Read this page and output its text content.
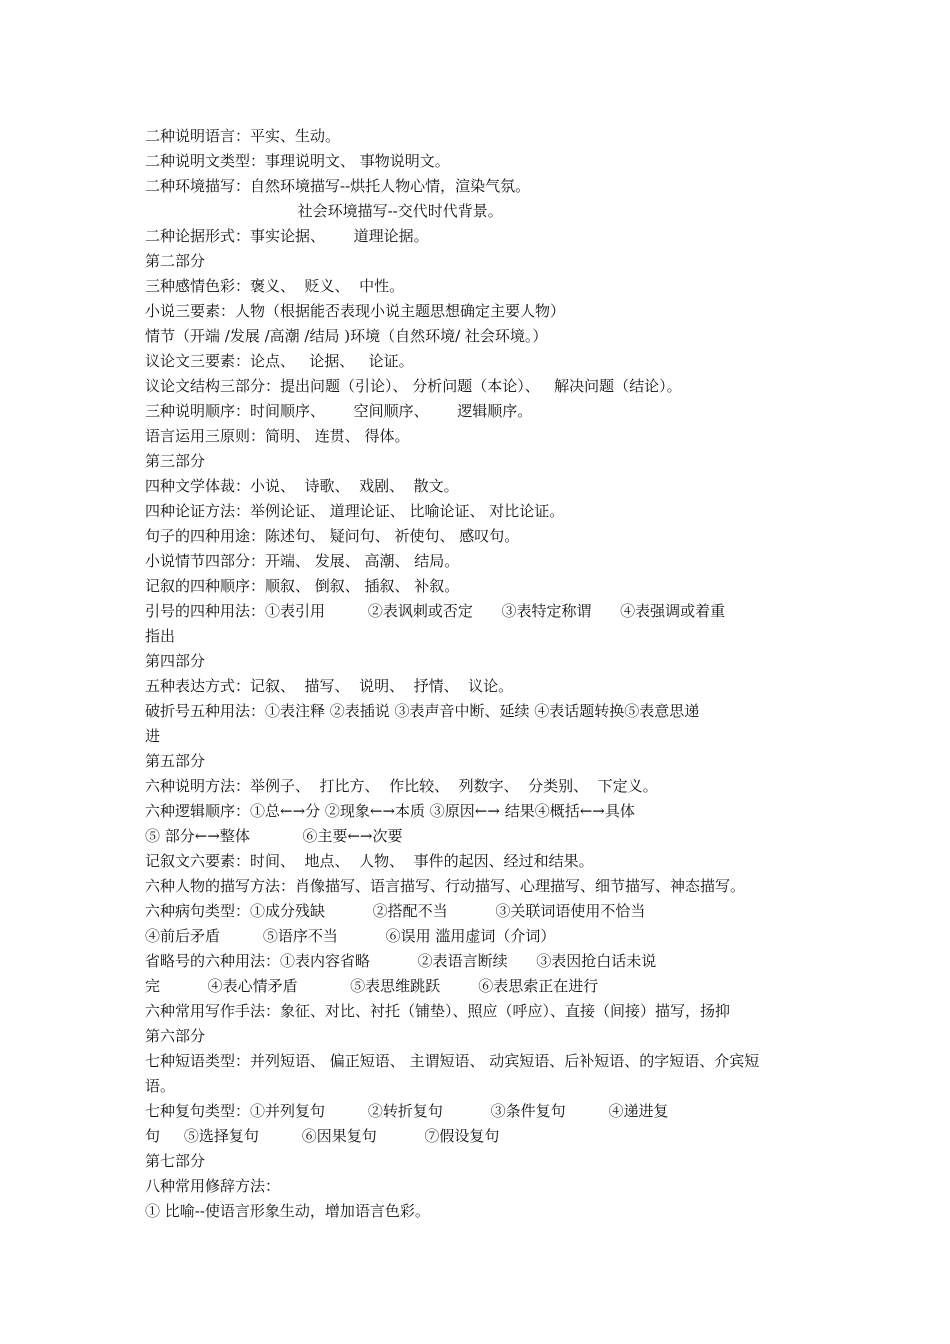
二种说明语言：平实、生动。
二种说明文类型：事理说明文、 事物说明文。
二种环境描写：自然环境描写--烘托人物心情，渲染气氛。
社会环境描写--交代时代背景。
二种论据形式：事实论据、      道理论据。
第二部分
三种感情色彩：褒义、  贬义、  中性。
小说三要素：人物（根据能否表现小说主题思想确定主要人物）
情节（开端 /发展 /高潮 /结局 )环境（自然环境/ 社会环境。）
议论文三要素：论点、   论据、   论证。
议论文结构三部分：提出问题（引论）、 分析问题（本论）、   解决问题（结论）。
三种说明顺序：时间顺序、      空间顺序、      逻辑顺序。
语言运用三原则：简明、 连贯、 得体。
第三部分
四种文学体裁：小说、  诗歌、  戏剧、  散文。
四种论证方法：举例论证、 道理论证、 比喻论证、 对比论证。
句子的四种用途：陈述句、 疑问句、 祈使句、 感叹句。
小说情节四部分：开端、 发展、 高潮、 结局。
记叙的四种顺序：顺叙、 倒叙、 插叙、 补叙。
引号的四种用法：①表引用         ②表讽刺或否定      ③表特定称谓      ④表强调或着重
指出
第四部分
五种表达方式：记叙、  描写、  说明、  抒情、  议论。
破折号五种用法：①表注释 ②表插说 ③表声音中断、延续 ④表话题转换⑤表意思递
进
第五部分
六种说明方法：举例子、  打比方、  作比较、  列数字、  分类别、  下定义。
六种逻辑顺序：①总←→分 ②现象←→本质 ③原因←→ 结果④概括←→具体
⑤ 部分←→整体           ⑥主要←→次要
记叙文六要素：时间、  地点、  人物、  事件的起因、经过和结果。
六种人物的描写方法：肖像描写、语言描写、行动描写、心理描写、细节描写、神态描写。
六种病句类型：①成分残缺          ②搭配不当          ③关联词语使用不恰当
④前后矛盾         ⑤语序不当          ⑥误用 滥用虚词（介词）
省略号的六种用法：①表内容省略          ②表语言断续      ③表因抢白话未说
完          ④表心情矛盾           ⑤表思维跳跃        ⑥表思索正在进行
六种常用写作手法：象征、对比、衬托（铺垫）、照应（呼应）、直接（间接）描写，扬抑
第六部分
七种短语类型：并列短语、 偏正短语、 主谓短语、 动宾短语、后补短语、的字短语、介宾短
语。
七种复句类型：①并列复句         ②转折复句          ③条件复句         ④递进复
句     ⑤选择复句         ⑥因果复句          ⑦假设复句
第七部分
八种常用修辞方法：
① 比喻--使语言形象生动，增加语言色彩。
